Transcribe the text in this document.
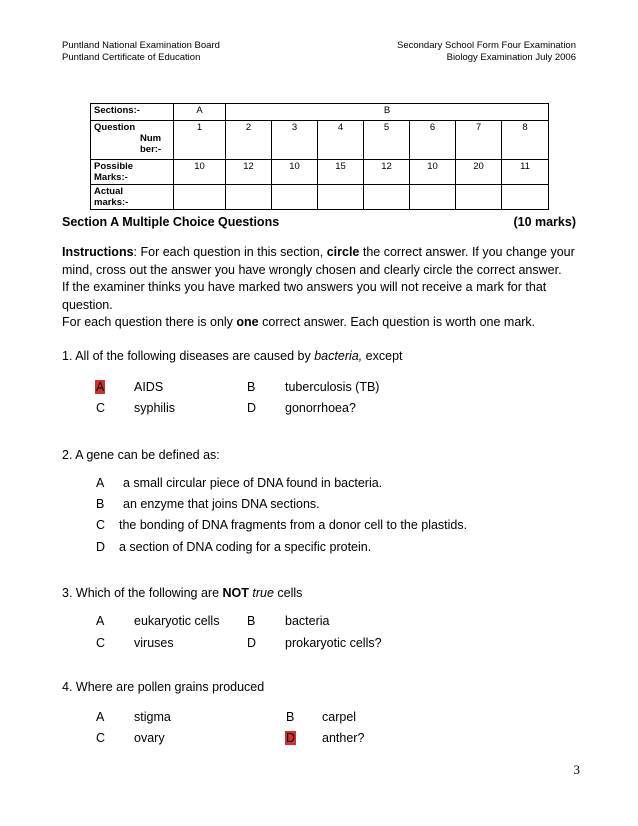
Puntland National Examination Board
Puntland Certificate of Education
Secondary School Form Four Examination
Biology Examination July 2006
Sections:-	A	B						

Question
Num
ber:-	1	2	3	4	5	6	7	8

Possible
Marks:-	10	12	10	15	12	10	20	11

Actual
marks:-								

Section A Multiple Choice Questions	(10 marks)
Instructions: For each question in this section, circle the correct answer. If you change your
mind, cross out the answer you have wrongly chosen and clearly circle the correct answer.
If the examiner thinks you have marked two answers you will not receive a mark for that
question.
For each question there is only one correct answer. Each question is worth one mark.
1. All of the following diseases are caused by bacteria, except
A AIDS	B tuberculosis (TB)
C syphilis	D gonorrhoea?
2. A gene can be defined as:
A a small circular piece of DNA found in bacteria.
B an enzyme that joins DNA sections.
C the bonding of DNA fragments from a donor cell to the plastids.
D a section of DNA coding for a specific protein.
3. Which of the following are NOT true cells
A eukaryotic cells B bacteria
C viruses	D prokaryotic cells?
4. Where are pollen grains produced
A stigma	B carpel
C ovary	D anther?
3
